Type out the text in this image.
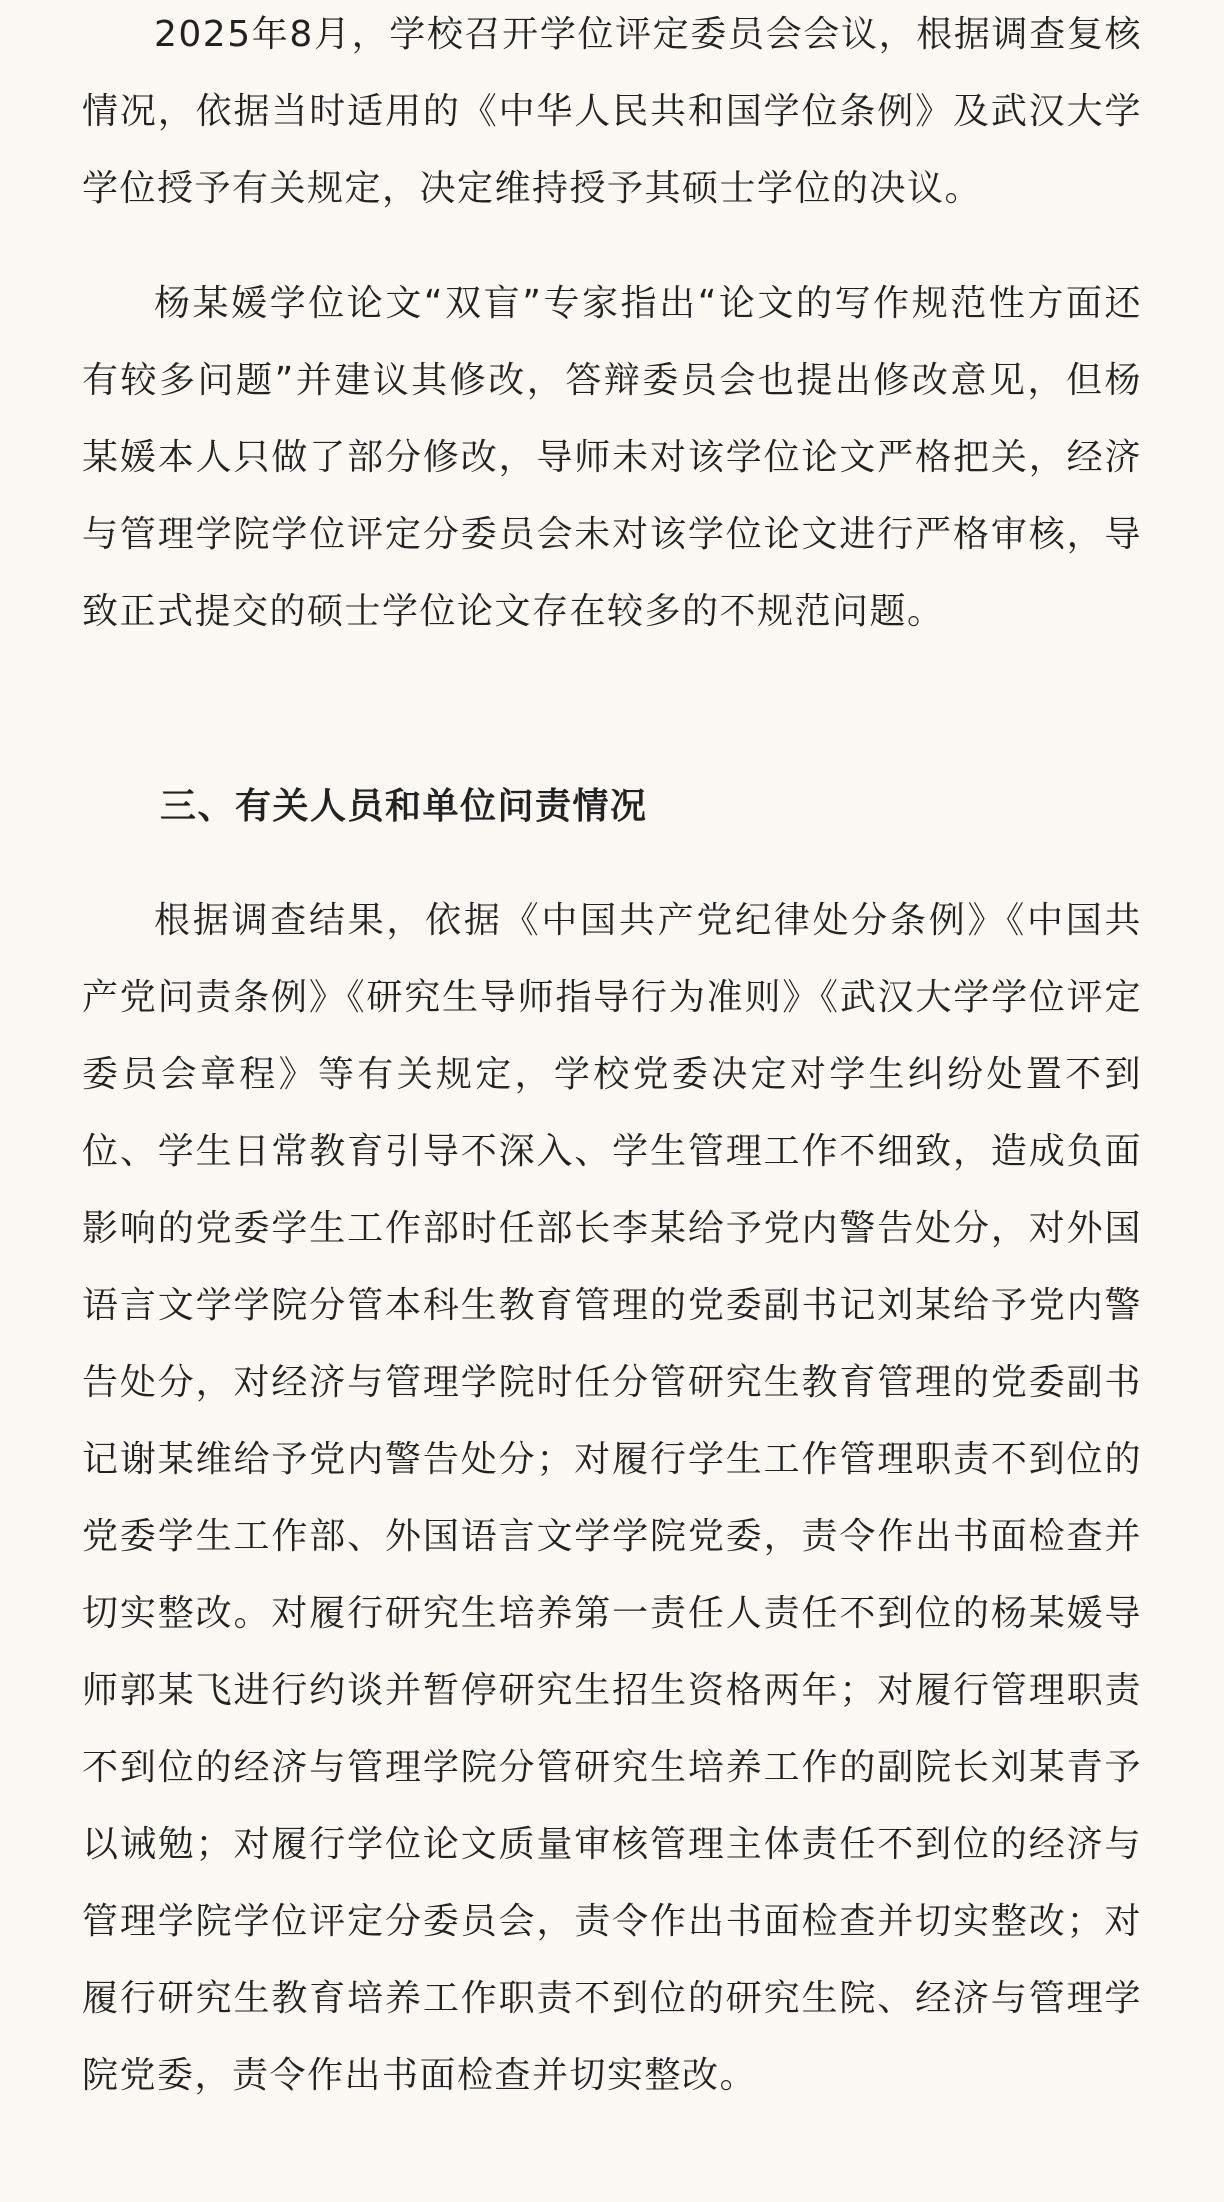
2025年8月，学校召开学位评定委员会会议，根据调查复核情况，依据当时适用的《中华人民共和国学位条例》及武汉大学学位授予有关规定，决定维持授予其硕士学位的决议。

杨某媛学位论文“双盲”专家指出“论文的写作规范性方面还有较多问题”并建议其修改，答辩委员会也提出修改意见，但杨某媛本人只做了部分修改，导师未对该学位论文严格把关，经济与管理学院学位评定分委员会未对该学位论文进行严格审核，导致正式提交的硕士学位论文存在较多的不规范问题。

三、有关人员和单位问责情况

根据调查结果，依据《中国共产党纪律处分条例》《中国共产党问责条例》《研究生导师指导行为准则》《武汉大学学位评定委员会章程》等有关规定，学校党委决定对学生纠纷处置不到位、学生日常教育引导不深入、学生管理工作不细致，造成负面影响的党委学生工作部时任部长李某给予党内警告处分，对外国语言文学学院分管本科生教育管理的党委副书记刘某给予党内警告处分，对经济与管理学院时任分管研究生教育管理的党委副书记谢某维给予党内警告处分；对履行学生工作管理职责不到位的党委学生工作部、外国语言文学学院党委，责令作出书面检查并切实整改。对履行研究生培养第一责任人责任不到位的杨某媛导师郭某飞进行约谈并暂停研究生招生资格两年；对履行管理职责不到位的经济与管理学院分管研究生培养工作的副院长刘某青予以诫勉；对履行学位论文质量审核管理主体责任不到位的经济与管理学院学位评定分委员会，责令作出书面检查并切实整改；对履行研究生教育培养工作职责不到位的研究生院、经济与管理学院党委，责令作出书面检查并切实整改。
